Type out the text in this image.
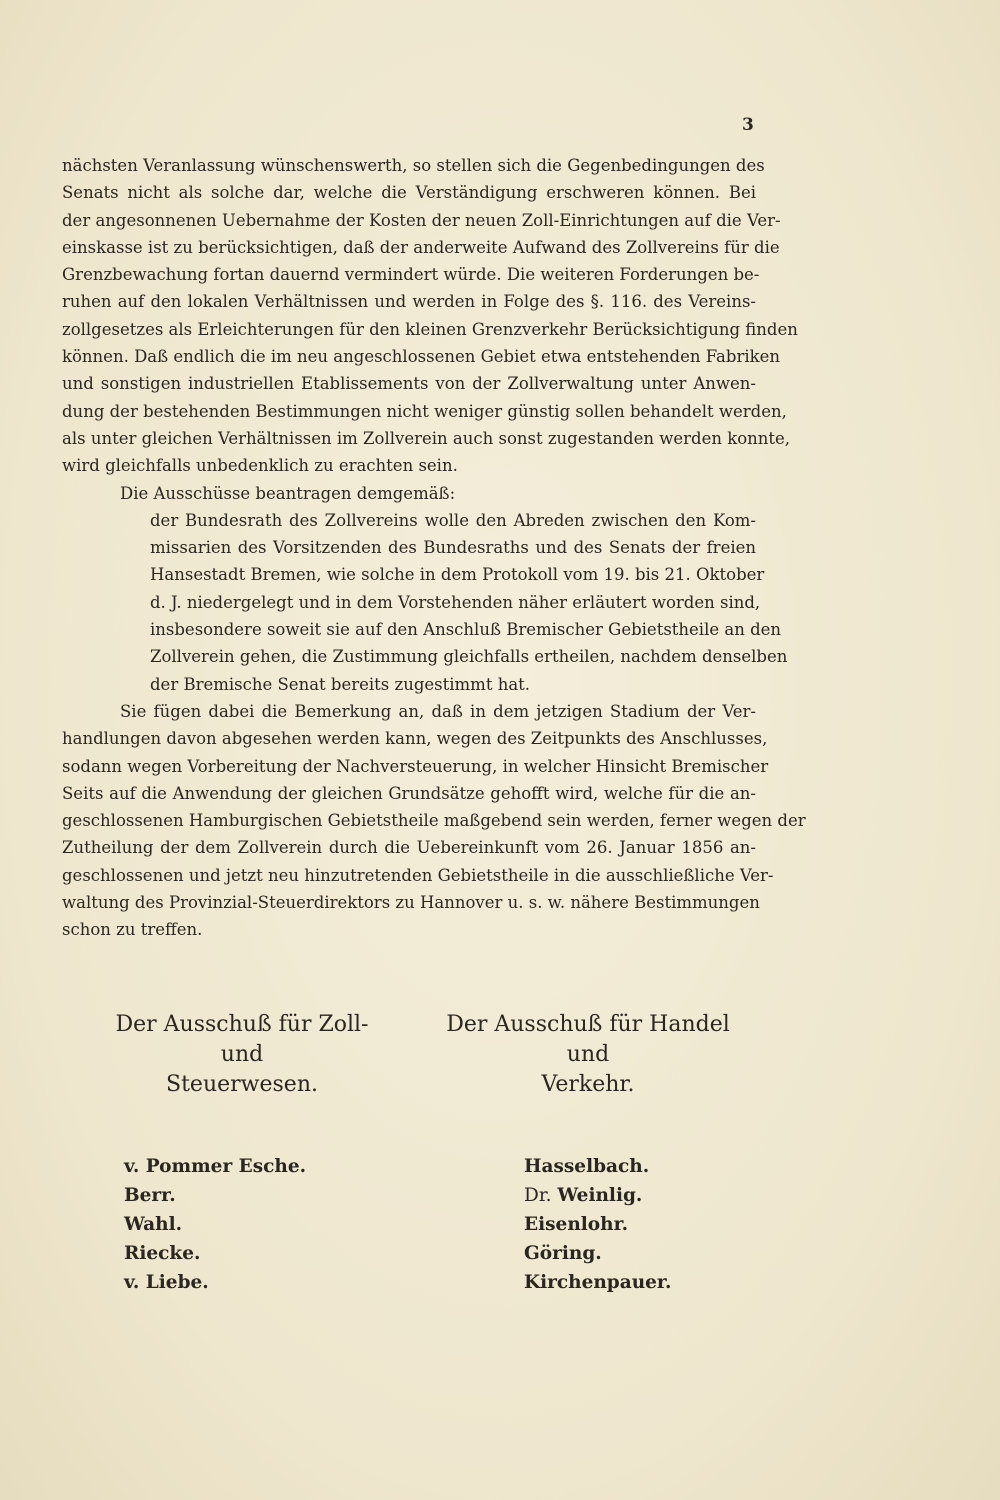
3
nächsten Veranlassung wünschenswerth, so stellen sich die Gegenbedingungen des
Senats nicht als solche dar, welche die Verständigung erschweren können. Bei
der angesonnenen Uebernahme der Kosten der neuen Zoll-Einrichtungen auf die Ver-
einskasse ist zu berücksichtigen, daß der anderweite Aufwand des Zollvereins für die
Grenzbewachung fortan dauernd vermindert würde. Die weiteren Forderungen be-
ruhen auf den lokalen Verhältnissen und werden in Folge des §. 116. des Vereins-
zollgesetzes als Erleichterungen für den kleinen Grenzverkehr Berücksichtigung finden
können. Daß endlich die im neu angeschlossenen Gebiet etwa entstehenden Fabriken
und sonstigen industriellen Etablissements von der Zollverwaltung unter Anwen-
dung der bestehenden Bestimmungen nicht weniger günstig sollen behandelt werden,
als unter gleichen Verhältnissen im Zollverein auch sonst zugestanden werden konnte,
wird gleichfalls unbedenklich zu erachten sein.
Die Ausschüsse beantragen demgemäß:
der Bundesrath des Zollvereins wolle den Abreden zwischen den Kom-
missarien des Vorsitzenden des Bundesraths und des Senats der freien
Hansestadt Bremen, wie solche in dem Protokoll vom 19. bis 21. Oktober
d. J. niedergelegt und in dem Vorstehenden näher erläutert worden sind,
insbesondere soweit sie auf den Anschluß Bremischer Gebietstheile an den
Zollverein gehen, die Zustimmung gleichfalls ertheilen, nachdem denselben
der Bremische Senat bereits zugestimmt hat.
Sie fügen dabei die Bemerkung an, daß in dem jetzigen Stadium der Ver-
handlungen davon abgesehen werden kann, wegen des Zeitpunkts des Anschlusses,
sodann wegen Vorbereitung der Nachversteuerung, in welcher Hinsicht Bremischer
Seits auf die Anwendung der gleichen Grundsätze gehofft wird, welche für die an-
geschlossenen Hamburgischen Gebietstheile maßgebend sein werden, ferner wegen der
Zutheilung der dem Zollverein durch die Uebereinkunft vom 26. Januar 1856 an-
geschlossenen und jetzt neu hinzutretenden Gebietstheile in die ausschließliche Ver-
waltung des Provinzial-Steuerdirektors zu Hannover u. s. w. nähere Bestimmungen
schon zu treffen.

Der Ausschuß für Zoll- und
Steuerwesen.

v. Pommer Esche.
Berr.
Wahl.
Riecke.
v. Liebe.

Der Ausschuß für Handel und
Verkehr.

Hasselbach.
Dr. Weinlig.
Eisenlohr.
Göring.
Kirchenpauer.
